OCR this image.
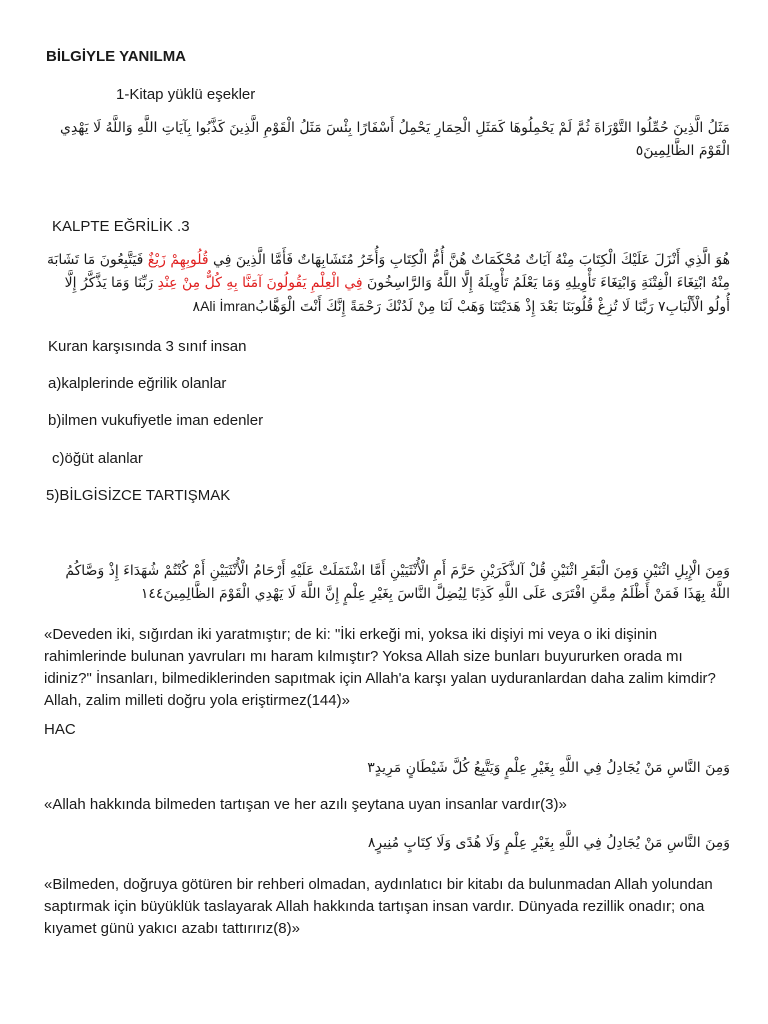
BİLGİYLE YANILMA
1-Kitap yüklü eşekler
مَثَلُ الَّذِينَ حُمِّلُوا التَّوْرَاةَ ثُمَّ لَمْ يَحْمِلُوهَا كَمَثَلِ الْحِمَارِ يَحْمِلُ أَسْفَارًا بِئْسَ مَثَلُ الْقَوْمِ الَّذِينَ كَذَّبُوا بِآيَاتِ اللَّهِ وَاللَّهُ لَا يَهْدِي الْقَوْمَ الظَّالِمِينَ٥
KALPTE EĞRİLİK .3
هُوَ الَّذِي أَنْزَلَ عَلَيْكَ الْكِتَابَ مِنْهُ آيَاتٌ مُحْكَمَاتٌ هُنَّ أُمُّ الْكِتَابِ وَأُخَرُ مُتَشَابِهَاتٌ فَأَمَّا الَّذِينَ فِي قُلُوبِهِمْ زَيْغٌ فَيَتَّبِعُونَ مَا تَشَابَهَ مِنْهُ ابْتِغَاءَ الْفِتْنَةِ وَابْتِغَاءَ تَأْوِيلِهِ وَمَا يَعْلَمُ تَأْوِيلَهُ إِلَّا اللَّهُ وَالرَّاسِخُونَ فِي الْعِلْمِ يَقُولُونَ آمَنَّا بِهِ كُلٌّ مِنْ عِنْدِ رَبِّنَا وَمَا يَذَّكَّرُ إِلَّا أُولُو الْأَلْبَابِ٧ رَبَّنَا لَا تُزِغْ قُلُوبَنَا بَعْدَ إِذْ هَدَيْتَنَا وَهَبْ لَنَا مِنْ لَدُنْكَ رَحْمَةً إِنَّكَ أَنْتَ الْوَهَّابُAli İmran٨
Kuran karşısında 3 sınıf insan
a)kalplerinde eğrilik olanlar
b)ilmen vukufiyetle iman edenler
c)öğüt alanlar
5)BİLGİSİZCE TARTIŞMAK
وَمِنَ الْإِبِلِ اثْنَيْنِ وَمِنَ الْبَقَرِ اثْنَيْنِ قُلْ آلذَّكَرَيْنِ حَرَّمَ أَمِ الْأُنْثَيَيْنِ أَمَّا اشْتَمَلَتْ عَلَيْهِ أَرْحَامُ الْأُنْثَيَيْنِ أَمْ كُنْتُمْ شُهَدَاءَ إِذْ وَصَّاكُمُ اللَّهُ بِهَذَا فَمَنْ أَظْلَمُ مِمَّنِ افْتَرَى عَلَى اللَّهِ كَذِبًا لِيُضِلَّ النَّاسَ بِغَيْرِ عِلْمٍ إِنَّ اللَّهَ لَا يَهْدِي الْقَوْمَ الظَّالِمِينَ١٤٤
«Deveden iki, sığırdan iki yaratmıştır; de ki: "İki erkeği mi, yoksa iki dişiyi mi veya o iki dişinin rahimlerinde bulunan yavruları mı haram kılmıştır? Yoksa Allah size bunları buyururken orada mı idiniz?" İnsanları, bilmediklerinden sapıtmak için Allah'a karşı yalan uyduranlardan daha zalim kimdir? Allah, zalim milleti doğru yola eriştirmez(144)»
HAC
وَمِنَ النَّاسِ مَنْ يُجَادِلُ فِي اللَّهِ بِغَيْرِ عِلْمٍ وَيَتَّبِعُ كُلَّ شَيْطَانٍ مَرِيدٍ٣
«Allah hakkında bilmeden tartışan ve her azılı şeytana uyan insanlar vardır(3)»
وَمِنَ النَّاسِ مَنْ يُجَادِلُ فِي اللَّهِ بِغَيْرِ عِلْمٍ وَلَا هُدًى وَلَا كِتَابٍ مُنِيرٍ٨
«Bilmeden, doğruya götüren bir rehberi olmadan, aydınlatıcı bir kitabı da bulunmadan Allah yolundan saptırmak için büyüklük taslayarak Allah hakkında tartışan insan vardır. Dünyada rezillik onadır; ona kıyamet günü yakıcı azabı tattırırız(8)»
